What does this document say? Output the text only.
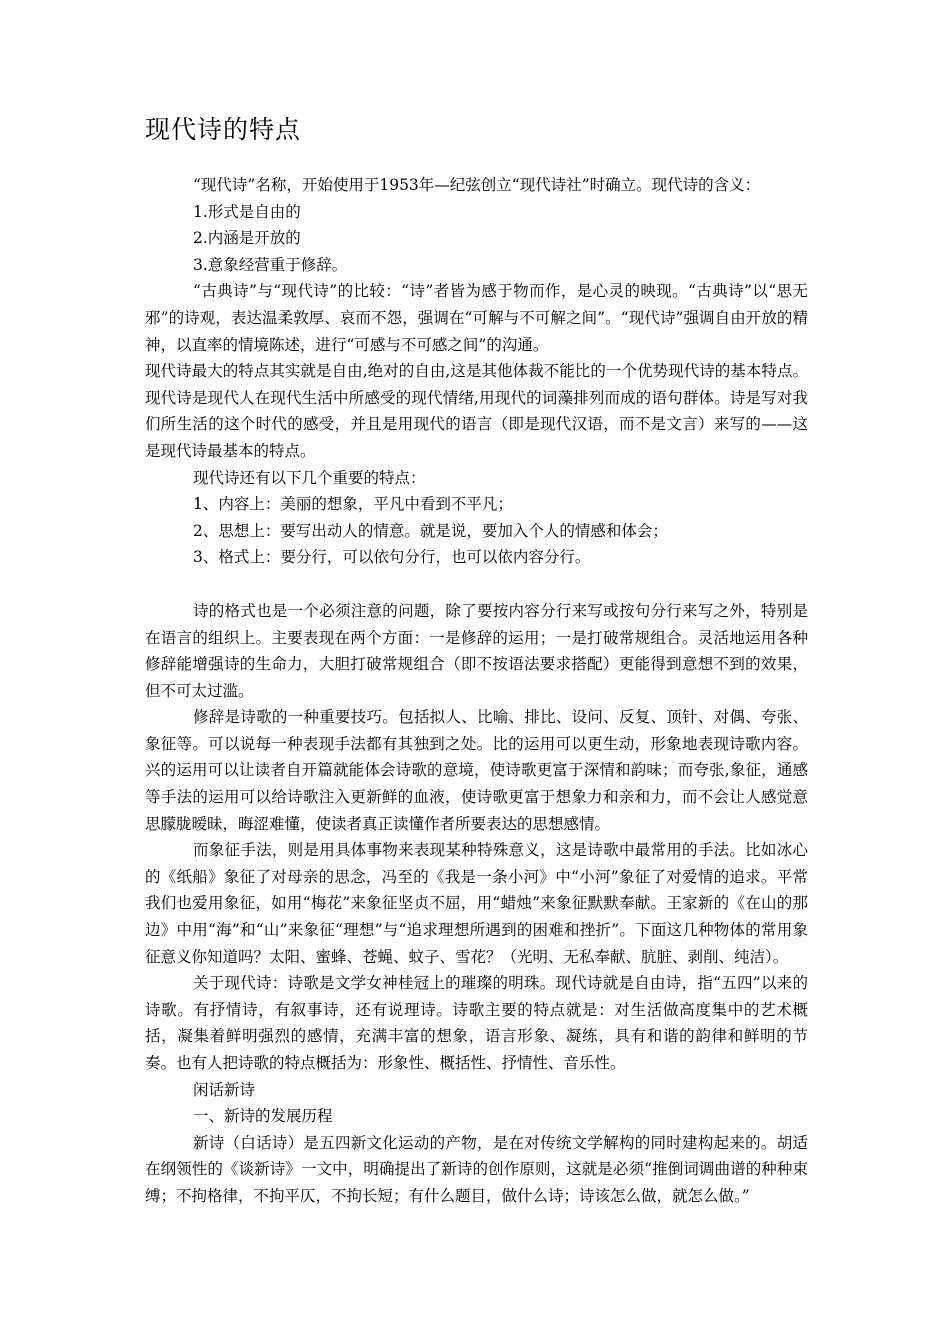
现代诗的特点

“现代诗”名称，开始使用于1953年—纪弦创立“现代诗社”时确立。现代诗的含义：

1.形式是自由的

2.内涵是开放的

3.意象经营重于修辞。

“古典诗”与“现代诗”的比较：“诗”者皆为感于物而作，是心灵的映现。“古典诗”以“思无邪”的诗观，表达温柔敦厚、哀而不怨，强调在“可解与不可解之间”。“现代诗”强调自由开放的精神，以直率的情境陈述，进行“可感与不可感之间”的沟通。

现代诗最大的特点其实就是自由,绝对的自由,这是其他体裁不能比的一个优势现代诗的基本特点。现代诗是现代人在现代生活中所感受的现代情绪,用现代的词藻排列而成的语句群体。诗是写对我们所生活的这个时代的感受，并且是用现代的语言（即是现代汉语，而不是文言）来写的——这是现代诗最基本的特点。

现代诗还有以下几个重要的特点：

1、内容上：美丽的想象，平凡中看到不平凡；

2、思想上：要写出动人的情意。就是说，要加入个人的情感和体会；

3、格式上：要分行，可以依句分行，也可以依内容分行。

诗的格式也是一个必须注意的问题，除了要按内容分行来写或按句分行来写之外，特别是在语言的组织上。主要表现在两个方面：一是修辞的运用；一是打破常规组合。灵活地运用各种修辞能增强诗的生命力，大胆打破常规组合（即不按语法要求搭配）更能得到意想不到的效果，但不可太过滥。

修辞是诗歌的一种重要技巧。包括拟人、比喻、排比、设问、反复、顶针、对偶、夸张、象征等。可以说每一种表现手法都有其独到之处。比的运用可以更生动，形象地表现诗歌内容。兴的运用可以让读者自开篇就能体会诗歌的意境，使诗歌更富于深情和韵味；而夸张,象征，通感等手法的运用可以给诗歌注入更新鲜的血液，使诗歌更富于想象力和亲和力，而不会让人感觉意思朦胧暧昧，晦涩难懂，使读者真正读懂作者所要表达的思想感情。

而象征手法，则是用具体事物来表现某种特殊意义，这是诗歌中最常用的手法。比如冰心的《纸船》象征了对母亲的思念，冯至的《我是一条小河》中“小河”象征了对爱情的追求。平常我们也爱用象征，如用“梅花”来象征坚贞不屈，用“蜡烛”来象征默默奉献。王家新的《在山的那边》中用“海”和“山”来象征“理想”与“追求理想所遇到的困难和挫折”。下面这几种物体的常用象征意义你知道吗？太阳、蜜蜂、苍蝇、蚊子、雪花？（光明、无私奉献、肮脏、剥削、纯洁）。

关于现代诗：诗歌是文学女神桂冠上的璀璨的明珠。现代诗就是自由诗，指“五四”以来的诗歌。有抒情诗，有叙事诗，还有说理诗。诗歌主要的特点就是：对生活做高度集中的艺术概括，凝集着鲜明强烈的感情，充满丰富的想象，语言形象、凝练，具有和谐的韵律和鲜明的节奏。也有人把诗歌的特点概括为：形象性、概括性、抒情性、音乐性。

闲话新诗

一、新诗的发展历程

新诗（白话诗）是五四新文化运动的产物，是在对传统文学解构的同时建构起来的。胡适在纲领性的《谈新诗》一文中，明确提出了新诗的创作原则，这就是必须“推倒词调曲谱的种种束缚；不拘格律，不拘平仄，不拘长短；有什么题目，做什么诗；诗该怎么做，就怎么做。”
